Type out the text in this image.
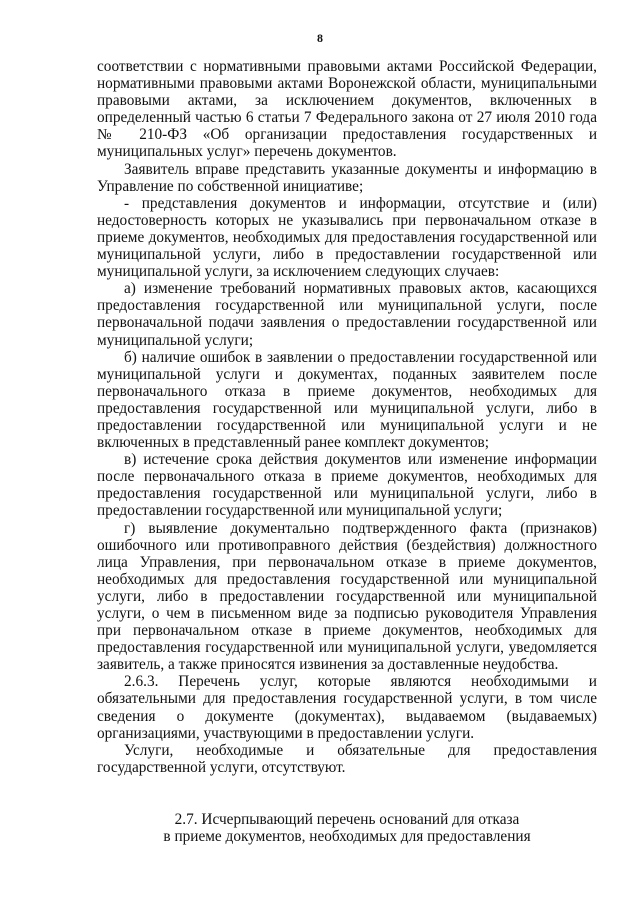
8

соответствии с нормативными правовыми актами Российской Федерации, нормативными правовыми актами Воронежской области, муниципальными правовыми актами, за исключением документов, включенных в определенный частью 6 статьи 7 Федерального закона от 27 июля 2010 года № 210-ФЗ «Об организации предоставления государственных и муниципальных услуг» перечень документов.

Заявитель вправе представить указанные документы и информацию в Управление по собственной инициативе;

- представления документов и информации, отсутствие и (или) недостоверность которых не указывались при первоначальном отказе в приеме документов, необходимых для предоставления государственной или муниципальной услуги, либо в предоставлении государственной или муниципальной услуги, за исключением следующих случаев:

а) изменение требований нормативных правовых актов, касающихся предоставления государственной или муниципальной услуги, после первоначальной подачи заявления о предоставлении государственной или муниципальной услуги;

б) наличие ошибок в заявлении о предоставлении государственной или муниципальной услуги и документах, поданных заявителем после первоначального отказа в приеме документов, необходимых для предоставления государственной или муниципальной услуги, либо в предоставлении государственной или муниципальной услуги и не включенных в представленный ранее комплект документов;

в) истечение срока действия документов или изменение информации после первоначального отказа в приеме документов, необходимых для предоставления государственной или муниципальной услуги, либо в предоставлении государственной или муниципальной услуги;

г) выявление документально подтвержденного факта (признаков) ошибочного или противоправного действия (бездействия) должностного лица Управления, при первоначальном отказе в приеме документов, необходимых для предоставления государственной или муниципальной услуги, либо в предоставлении государственной или муниципальной услуги, о чем в письменном виде за подписью руководителя Управления при первоначальном отказе в приеме документов, необходимых для предоставления государственной или муниципальной услуги, уведомляется заявитель, а также приносятся извинения за доставленные неудобства.

2.6.3. Перечень услуг, которые являются необходимыми и обязательными для предоставления государственной услуги, в том числе сведения о документе (документах), выдаваемом (выдаваемых) организациями, участвующими в предоставлении услуги.

Услуги, необходимые и обязательные для предоставления государственной услуги, отсутствуют.

2.7. Исчерпывающий перечень оснований для отказа
в приеме документов, необходимых для предоставления
